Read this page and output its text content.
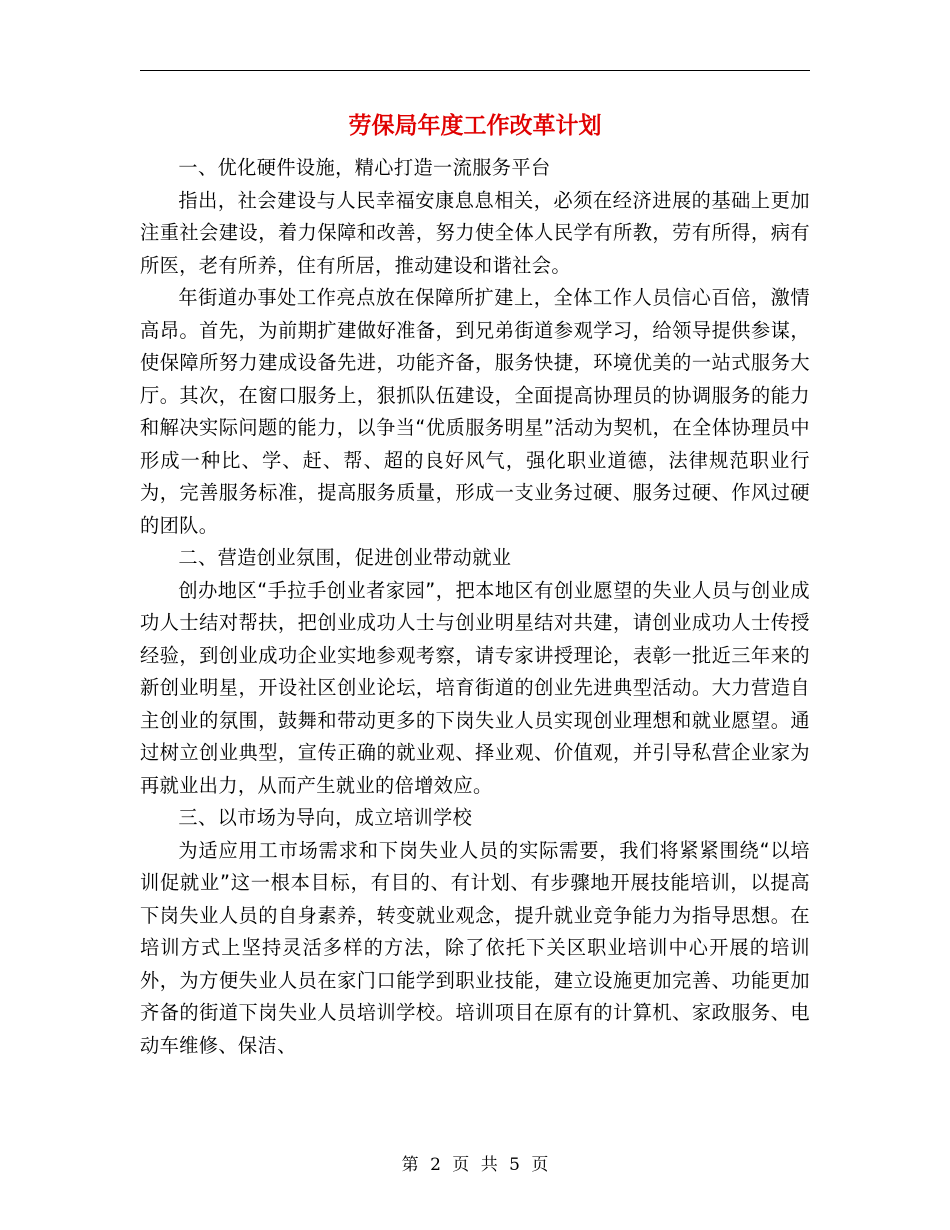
劳保局年度工作改革计划

一、优化硬件设施，精心打造一流服务平台

指出，社会建设与人民幸福安康息息相关，必须在经济进展的基础上更加注重社会建设，着力保障和改善，努力使全体人民学有所教，劳有所得，病有所医，老有所养，住有所居，推动建设和谐社会。

年街道办事处工作亮点放在保障所扩建上，全体工作人员信心百倍，激情高昂。首先，为前期扩建做好准备，到兄弟街道参观学习，给领导提供参谋，使保障所努力建成设备先进，功能齐备，服务快捷，环境优美的一站式服务大厅。其次，在窗口服务上，狠抓队伍建设，全面提高协理员的协调服务的能力和解决实际问题的能力，以争当“优质服务明星”活动为契机，在全体协理员中形成一种比、学、赶、帮、超的良好风气，强化职业道德，法律规范职业行为，完善服务标准，提高服务质量，形成一支业务过硬、服务过硬、作风过硬的团队。

二、营造创业氛围，促进创业带动就业

创办地区“手拉手创业者家园”，把本地区有创业愿望的失业人员与创业成功人士结对帮扶，把创业成功人士与创业明星结对共建，请创业成功人士传授经验，到创业成功企业实地参观考察，请专家讲授理论，表彰一批近三年来的新创业明星，开设社区创业论坛，培育街道的创业先进典型活动。大力营造自主创业的氛围，鼓舞和带动更多的下岗失业人员实现创业理想和就业愿望。通过树立创业典型，宣传正确的就业观、择业观、价值观，并引导私营企业家为再就业出力，从而产生就业的倍增效应。

三、以市场为导向，成立培训学校

为适应用工市场需求和下岗失业人员的实际需要，我们将紧紧围绕“以培训促就业”这一根本目标，有目的、有计划、有步骤地开展技能培训，以提高下岗失业人员的自身素养，转变就业观念，提升就业竞争能力为指导思想。在培训方式上坚持灵活多样的方法，除了依托下关区职业培训中心开展的培训外，为方便失业人员在家门口能学到职业技能，建立设施更加完善、功能更加齐备的街道下岗失业人员培训学校。培训项目在原有的计算机、家政服务、电动车维修、保洁、

第 2 页 共 5 页
